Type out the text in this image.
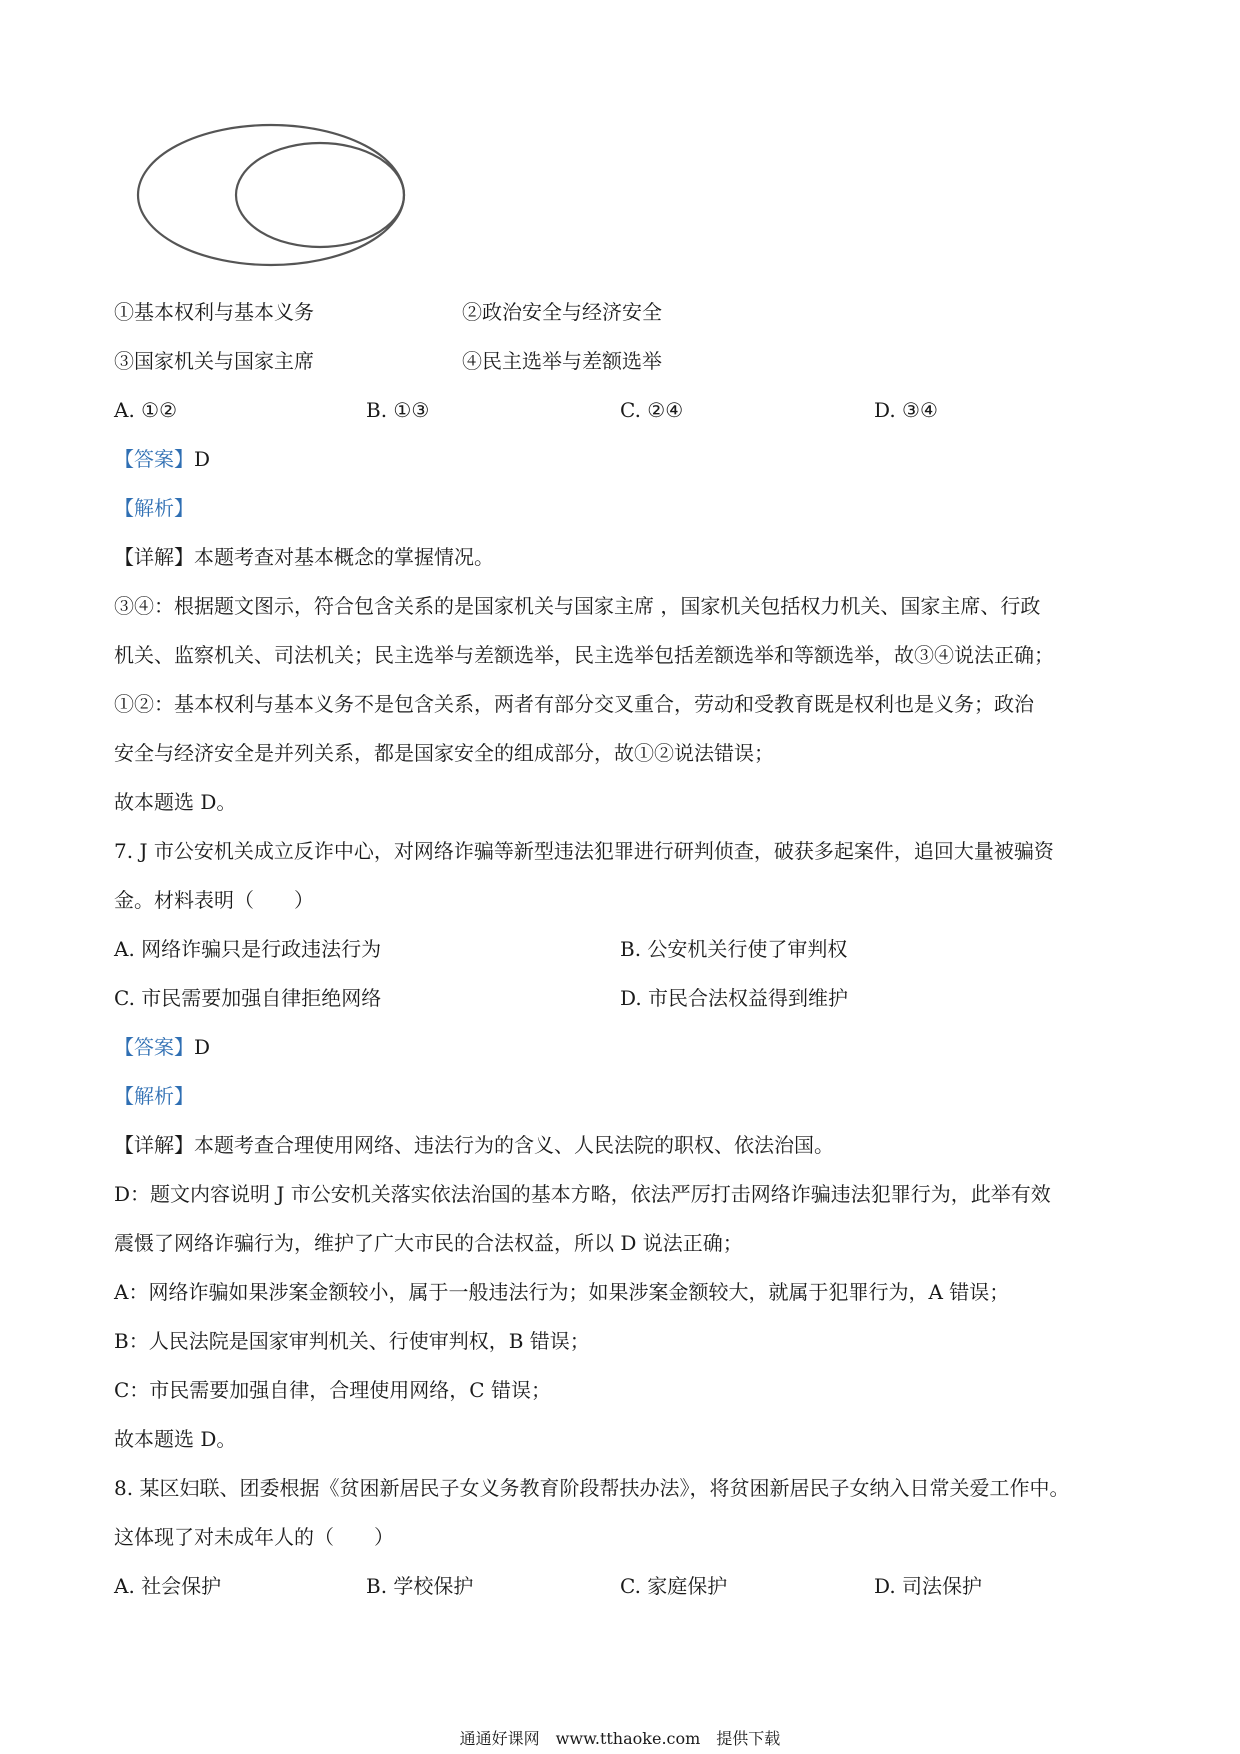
①基本权利与基本义务	②政治安全与经济安全
③国家机关与国家主席	④民主选举与差额选举
A. ①②	B. ①③	C. ②④	D. ③④
【答案】D
【解析】
【详解】本题考查对基本概念的掌握情况。
③④：根据题文图示，符合包含关系的是国家机关与国家主席 ，国家机关包括权力机关、国家主席、行政
机关、监察机关、司法机关；民主选举与差额选举，民主选举包括差额选举和等额选举，故③④说法正确；
①②：基本权利与基本义务不是包含关系，两者有部分交叉重合，劳动和受教育既是权利也是义务；政治
安全与经济安全是并列关系，都是国家安全的组成部分，故①②说法错误；
故本题选 D。
7. J 市公安机关成立反诈中心，对网络诈骗等新型违法犯罪进行研判侦查，破获多起案件，追回大量被骗资
金。材料表明（　　）
A. 网络诈骗只是行政违法行为	B. 公安机关行使了审判权
C. 市民需要加强自律拒绝网络	D. 市民合法权益得到维护
【答案】D
【解析】
【详解】本题考查合理使用网络、违法行为的含义、人民法院的职权、依法治国。
D：题文内容说明 J 市公安机关落实依法治国的基本方略，依法严厉打击网络诈骗违法犯罪行为，此举有效
震慑了网络诈骗行为，维护了广大市民的合法权益，所以 D 说法正确；
A：网络诈骗如果涉案金额较小，属于一般违法行为；如果涉案金额较大，就属于犯罪行为，A 错误；
B：人民法院是国家审判机关、行使审判权，B 错误；
C：市民需要加强自律，合理使用网络，C 错误；
故本题选 D。
8. 某区妇联、团委根据《贫困新居民子女义务教育阶段帮扶办法》，将贫困新居民子女纳入日常关爱工作中。
这体现了对未成年人的（　　）
A. 社会保护	B. 学校保护	C. 家庭保护	D. 司法保护
通通好课网　www.tthaoke.com　提供下载
